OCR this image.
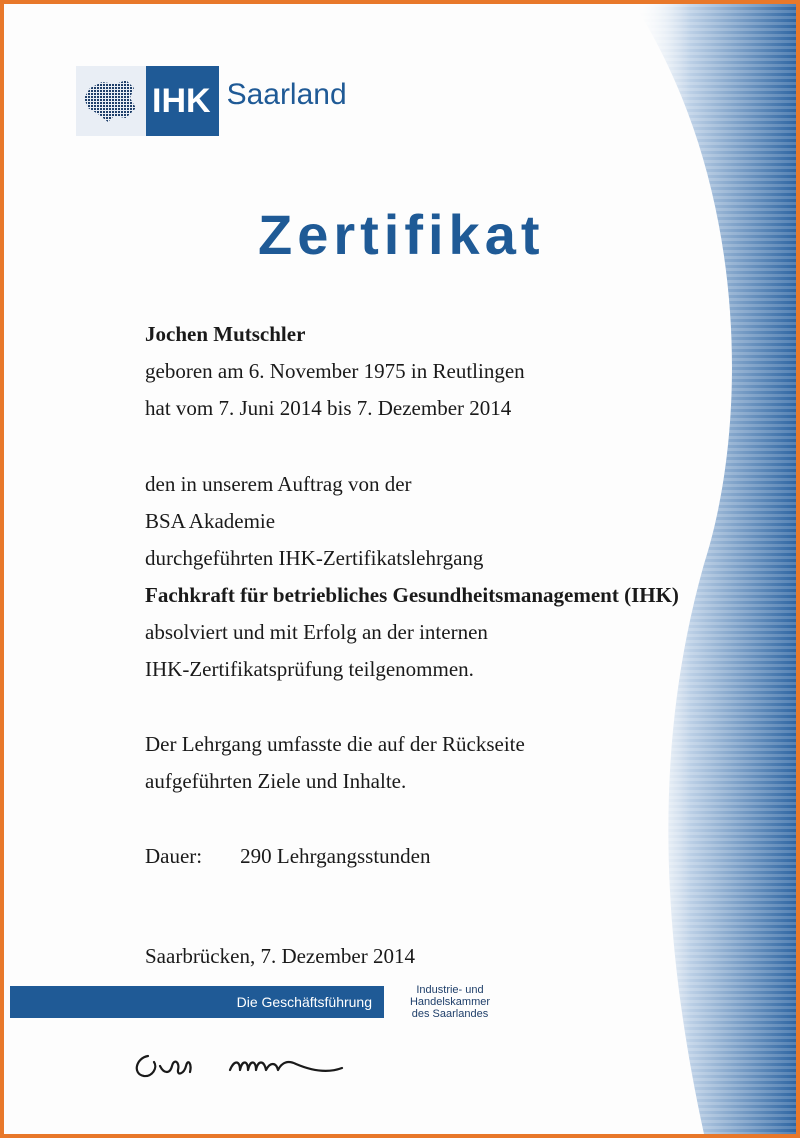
IHK Saarland
Zertifikat
Jochen Mutschler
geboren am 6. November 1975 in Reutlingen
hat vom 7. Juni 2014 bis 7. Dezember 2014
den in unserem Auftrag von der
BSA Akademie
durchgeführten IHK-Zertifikatslehrgang
Fachkraft für betriebliches Gesundheitsmanagement (IHK)
absolviert und mit Erfolg an der internen
IHK-Zertifikatsprüfung teilgenommen.
Der Lehrgang umfasste die auf der Rückseite
aufgeführten Ziele und Inhalte.
Dauer: 290 Lehrgangsstunden
Saarbrücken, 7. Dezember 2014
Die Geschäftsführung
Industrie- und
Handelskammer
des Saarlandes
